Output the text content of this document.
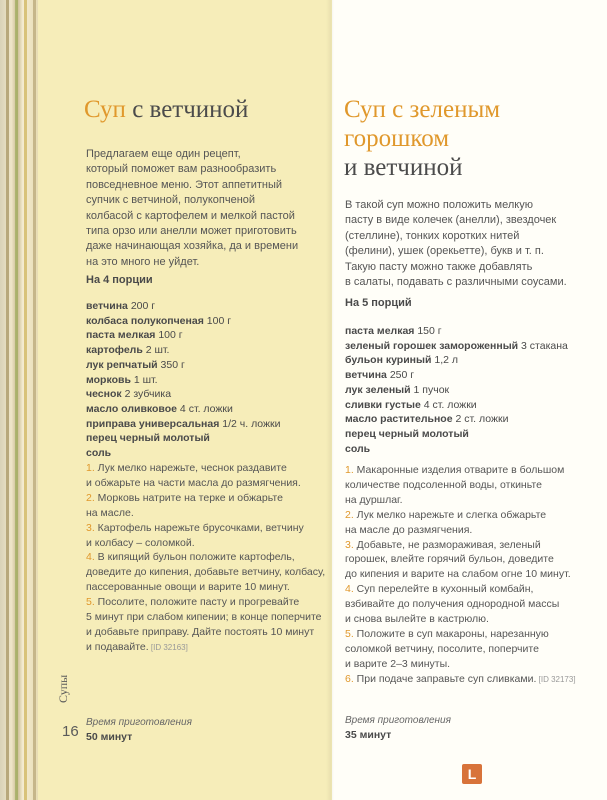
Суп с ветчиной
Предлагаем еще один рецепт,
который поможет вам разнообразить
повседневное меню. Этот аппетитный
супчик с ветчиной, полукопченой
колбасой с картофелем и мелкой пастой
типа орзо или анелли может приготовить
даже начинающая хозяйка, да и времени
на это много не уйдет.
На 4 порции
ветчина 200 г
колбаса полукопченая 100 г
паста мелкая 100 г
картофель 2 шт.
лук репчатый 350 г
морковь 1 шт.
чеснок 2 зубчика
масло оливковое 4 ст. ложки
приправа универсальная 1/2 ч. ложки
перец черный молотый
соль
1. Лук мелко нарежьте, чеснок раздавите
и обжарьте на части масла до размягчения.
2. Морковь натрите на терке и обжарьте
на масле.
3. Картофель нарежьте брусочками, ветчину
и колбасу – соломкой.
4. В кипящий бульон положите картофель,
доведите до кипения, добавьте ветчину, колбасу,
пассерованные овощи и варите 10 минут.
5. Посолите, положите пасту и прогревайте
5 минут при слабом кипении; в конце поперчите
и добавьте приправу. Дайте постоять 10 минут
и подавайте. [ID 32163]
Время приготовления
50 минут
16
Супы
Суп с зеленым
горошком
и ветчиной
В такой суп можно положить мелкую
пасту в виде колечек (анелли), звездочек
(стеллине), тонких коротких нитей
(фелини), ушек (орекьетте), букв и т. п.
Такую пасту можно также добавлять
в салаты, подавать с различными соусами.
На 5 порций
паста мелкая 150 г
зеленый горошек замороженный 3 стакана
бульон куриный 1,2 л
ветчина 250 г
лук зеленый 1 пучок
сливки густые 4 ст. ложки
масло растительное 2 ст. ложки
перец черный молотый
соль
1. Макаронные изделия отварите в большом
количестве подсоленной воды, откиньте
на дуршлаг.
2. Лук мелко нарежьте и слегка обжарьте
на масле до размягчения.
3. Добавьте, не размораживая, зеленый
горошек, влейте горячий бульон, доведите
до кипения и варите на слабом огне 10 минут.
4. Суп перелейте в кухонный комбайн,
взбивайте до получения однородной массы
и снова вылейте в кастрюлю.
5. Положите в суп макароны, нарезанную
соломкой ветчину, посолите, поперчите
и варите 2–3 минуты.
6. При подаче заправьте суп сливками. [ID 32173]
Время приготовления
35 минут
L
